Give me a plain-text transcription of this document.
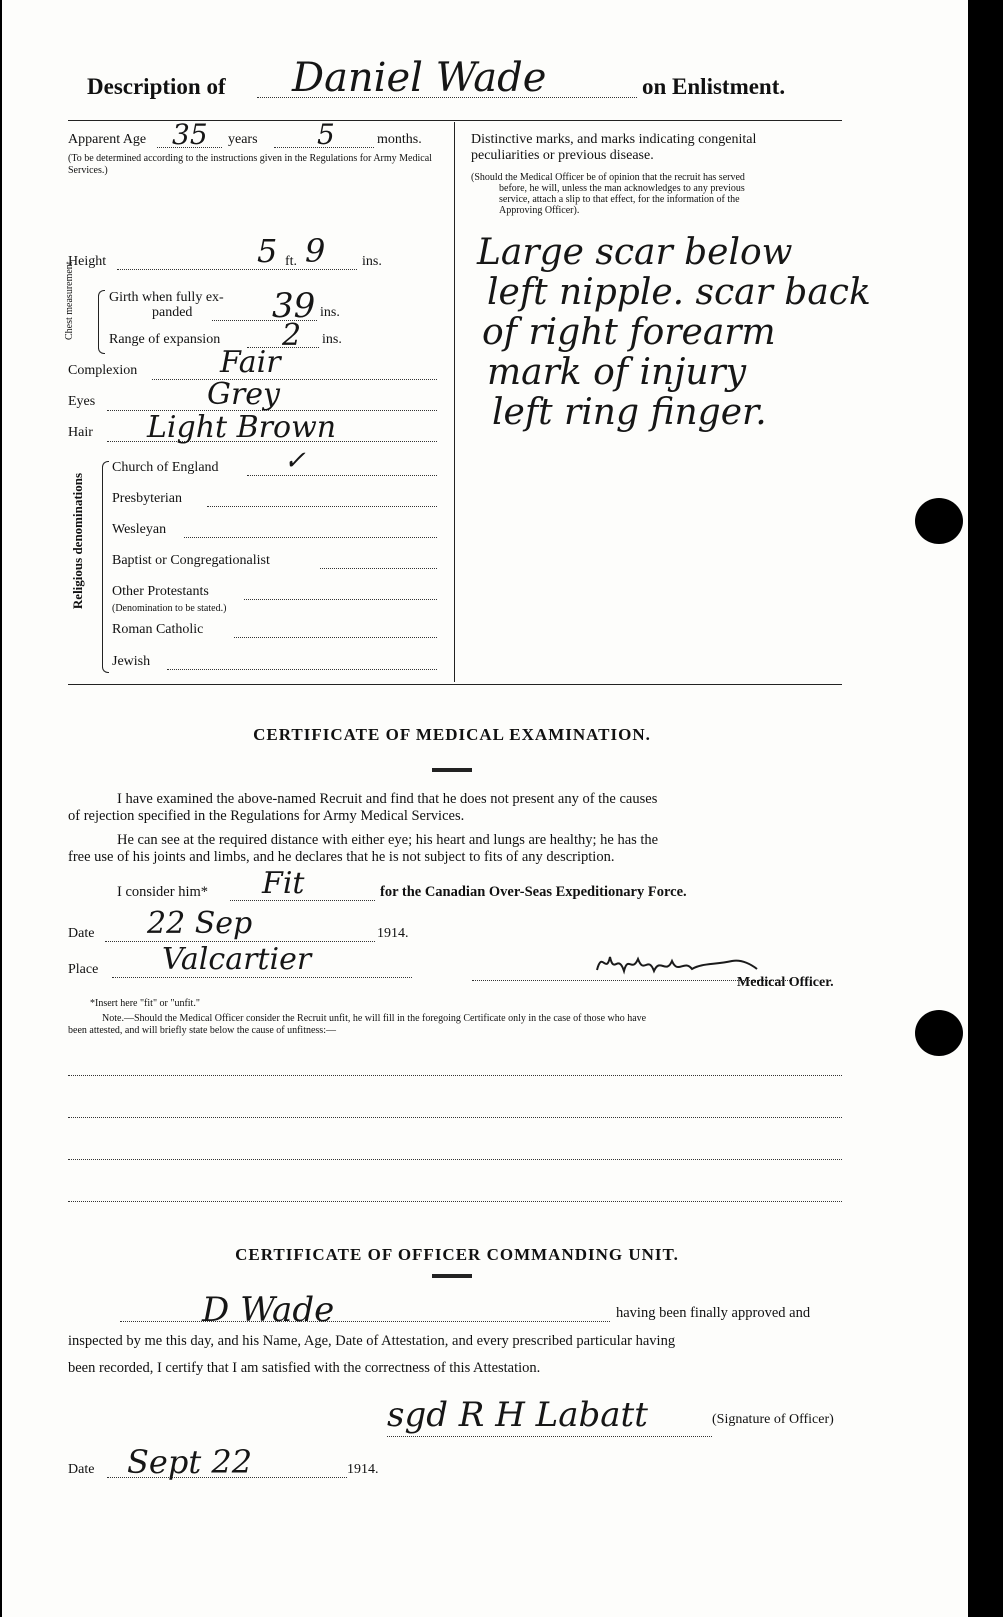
Description of Daniel Wade	on Enlistment.
Apparent Age 35 years 5	months.
(To be determined according to the instructions given in the Regulations for Army Medical Services.)
Height	5 ft. 9	ins.
Chest measurement Girth when fully ex-
panded 39 ins.
Range of expansion 2 ins.
Complexion	Fair
Eyes	Grey
Hair Light Brown
Religious denominations
Church of England	✓
Presbyterian
Wesleyan
Baptist or Congregationalist
Other Protestants
(Denomination to be stated.)
Roman Catholic
Jewish
Distinctive marks, and marks indicating congenital
peculiarities or previous disease.
(Should the Medical Officer be of opinion that the recruit has served
before, he will, unless the man acknowledges to any previous
service, attach a slip to that effect, for the information of the
Approving Officer).
Large scar below
left nipple. scar back
of right forearm
mark of injury
left ring finger.
CERTIFICATE OF MEDICAL EXAMINATION.
I have examined the above-named Recruit and find that he does not present any of the causes
of rejection specified in the Regulations for Army Medical Services.
He can see at the required distance with either eye; his heart and lungs are healthy; he has the
free use of his joints and limbs, and he declares that he is not subject to fits of any description.
I consider him* Fit	for the Canadian Over-Seas Expeditionary Force.
Date 22 Sep	1914.
Place Valcartier
Medical Officer.
*Insert here "fit" or "unfit."
Note.—Should the Medical Officer consider the Recruit unfit, he will fill in the foregoing Certificate only in the case of those who have
been attested, and will briefly state below the cause of unfitness:—
CERTIFICATE OF OFFICER COMMANDING UNIT.
D Wade	having been finally approved and
inspected by me this day, and his Name, Age, Date of Attestation, and every prescribed particular having
been recorded, I certify that I am satisfied with the correctness of this Attestation.
sgd R H Labatt	(Signature of Officer)
Date Sept 22	1914.
